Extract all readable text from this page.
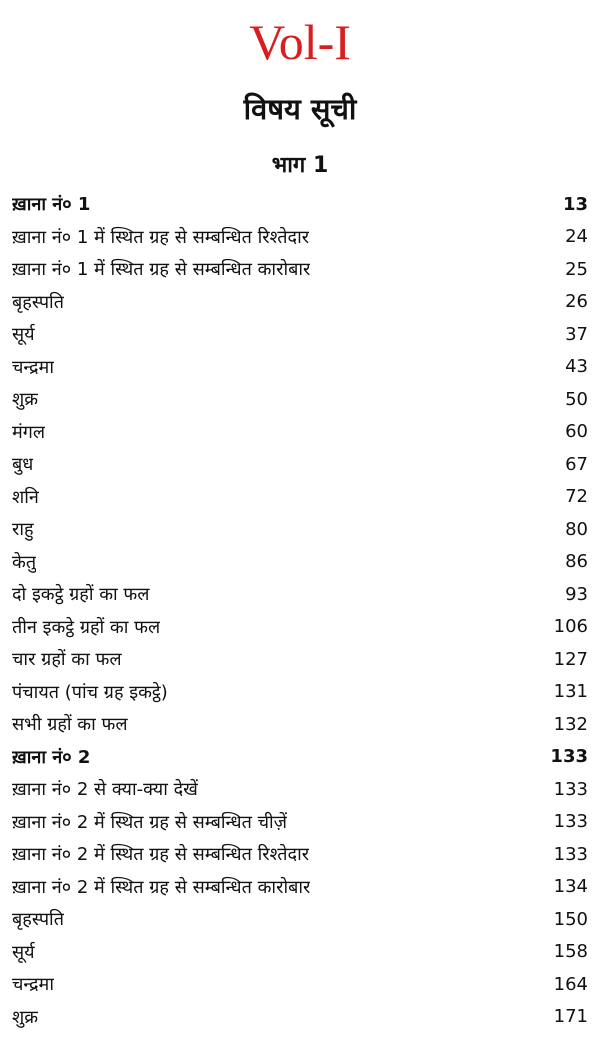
Vol-I
विषय सूची
भाग 1
ख़ाना नं० 1	13
ख़ाना नं० 1 में स्थित ग्रह से सम्बन्धित रिश्तेदार	24
ख़ाना नं० 1 में स्थित ग्रह से सम्बन्धित कारोबार	25
बृहस्पति	26
सूर्य	37
चन्द्रमा	43
शुक्र	50
मंगल	60
बुध	67
शनि	72
राहु	80
केतु	86
दो इकट्ठे ग्रहों का फल	93
तीन इकट्ठे ग्रहों का फल	106
चार ग्रहों का फल	127
पंचायत (पांच ग्रह इकट्ठे)	131
सभी ग्रहों का फल	132
ख़ाना नं० 2	133
ख़ाना नं० 2 से क्या-क्या देखें	133
ख़ाना नं० 2 में स्थित ग्रह से सम्बन्धित चीज़ें	133
ख़ाना नं० 2 में स्थित ग्रह से सम्बन्धित रिश्तेदार	133
ख़ाना नं० 2 में स्थित ग्रह से सम्बन्धित कारोबार	134
बृहस्पति	150
सूर्य	158
चन्द्रमा	164
शुक्र	171
